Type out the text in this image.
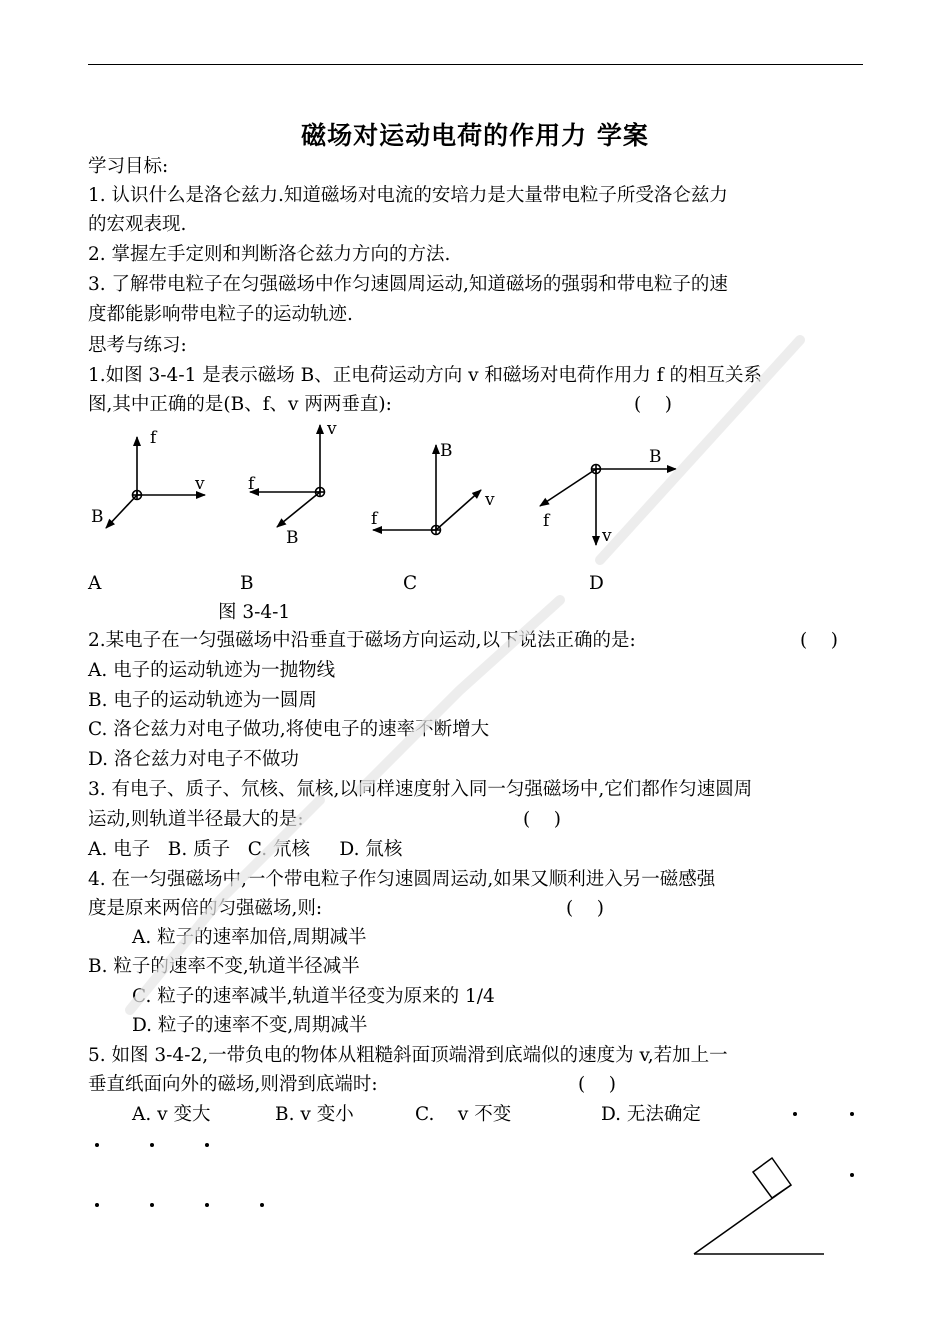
磁场对运动电荷的作用力 学案
学习目标:
1. 认识什么是洛仑兹力.知道磁场对电流的安培力是大量带电粒子所受洛仑兹力
的宏观表现.
2. 掌握左手定则和判断洛仑兹力方向的方法.
3. 了解带电粒子在匀强磁场中作匀速圆周运动,知道磁场的强弱和带电粒子的速
度都能影响带电粒子的运动轨迹.
思考与练习:
1.如图 3-4-1 是表示磁场 B、正电荷运动方向 v 和磁场对电荷作用力 f 的相互关系
图,其中正确的是(B、f、v 两两垂直):	(    )
f
v
B
v
f
B
B
v
f
B
f
v
A	B	C	D
图 3-4-1
2.某电子在一匀强磁场中沿垂直于磁场方向运动,以下说法正确的是:	(    )
A. 电子的运动轨迹为一抛物线
B. 电子的运动轨迹为一圆周
C. 洛仑兹力对电子做功,将使电子的速率不断增大
D. 洛仑兹力对电子不做功
3. 有电子、质子、氘核、氚核,以同样速度射入同一匀强磁场中,它们都作匀速圆周
运动,则轨道半径最大的是:	(    )
A. 电子   B. 质子   C. 氘核     D. 氚核
4. 在一匀强磁场中,一个带电粒子作匀速圆周运动,如果又顺利进入另一磁感强
度是原来两倍的匀强磁场,则:	(    )
A. 粒子的速率加倍,周期减半
B. 粒子的速率不变,轨道半径减半
C. 粒子的速率减半,轨道半径变为原来的 1/4
D. 粒子的速率不变,周期减半
5. 如图 3-4-2,一带负电的物体从粗糙斜面顶端滑到底端似的速度为 v,若加上一
垂直纸面向外的磁场,则滑到底端时:	(    )
A. v 变大	B. v 变小	C.    v 不变	D. 无法确定
